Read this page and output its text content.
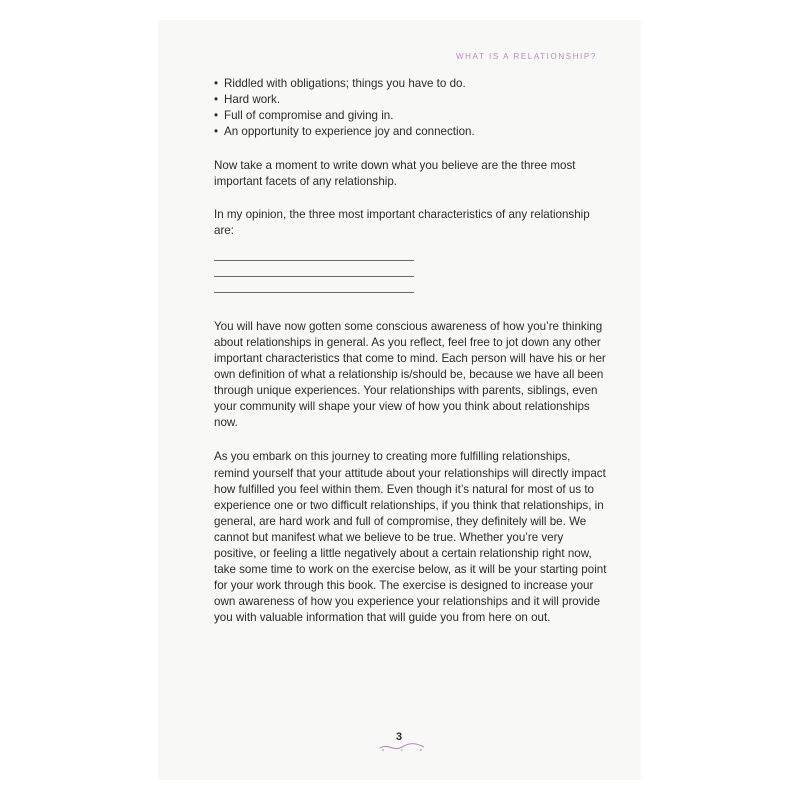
WHAT IS A RELATIONSHIP?
• Riddled with obligations; things you have to do.
• Hard work.
• Full of compromise and giving in.
• An opportunity to experience joy and connection.

Now take a moment to write down what you believe are the three most important facets of any relationship.

In my opinion, the three most important characteristics of any relationship are:

You will have now gotten some conscious awareness of how you’re thinking about relationships in general. As you reflect, feel free to jot down any other important characteristics that come to mind. Each person will have his or her own definition of what a relationship is/should be, because we have all been through unique experiences. Your relationships with parents, siblings, even your community will shape your view of how you think about relationships now.

As you embark on this journey to creating more fulfilling relationships, remind yourself that your attitude about your relationships will directly impact how fulfilled you feel within them. Even though it’s natural for most of us to experience one or two difficult relationships, if you think that relationships, in general, are hard work and full of compromise, they definitely will be. We cannot but manifest what we believe to be true. Whether you’re very positive, or feeling a little negatively about a certain relationship right now, take some time to work on the exercise below, as it will be your starting point for your work through this book. The exercise is designed to increase your own awareness of how you experience your relationships and it will provide you with valuable information that will guide you from here on out.

3
